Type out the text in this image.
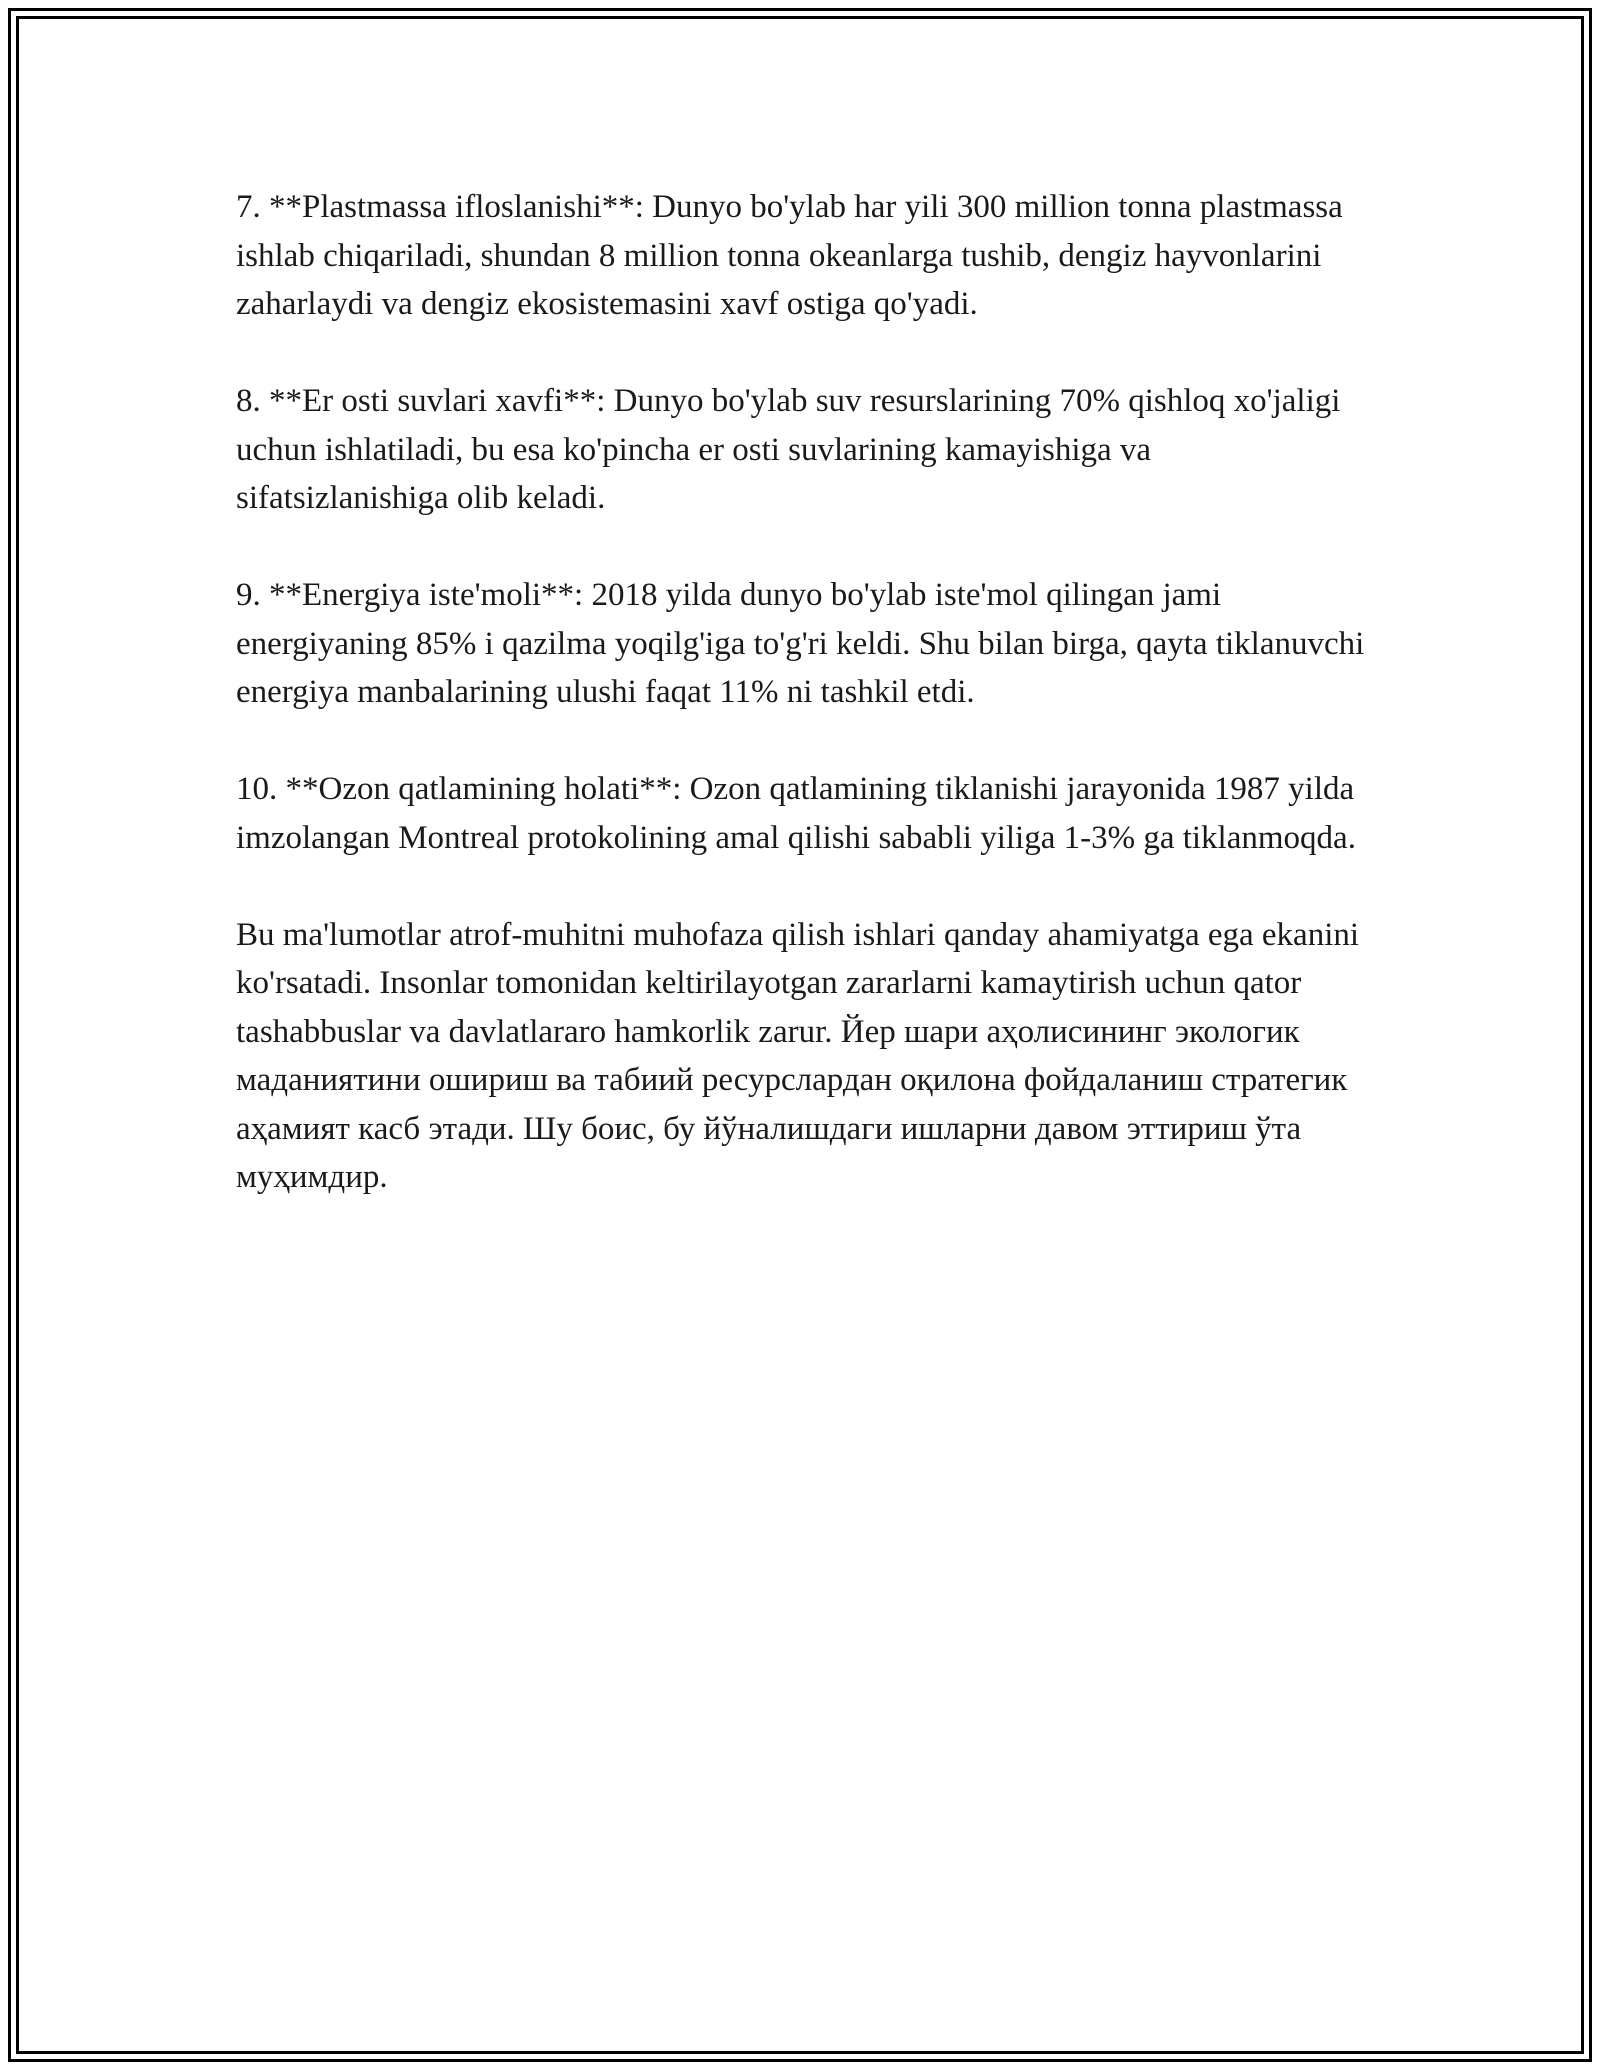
7. **Plastmassa ifloslanishi**: Dunyo bo'ylab har yili 300 million tonna plastmassa ishlab chiqariladi, shundan 8 million tonna okeanlarga tushib, dengiz hayvonlarini zaharlaydi va dengiz ekosistemasini xavf ostiga qo'yadi.

8. **Er osti suvlari xavfi**: Dunyo bo'ylab suv resurslarining 70% qishloq xo'jaligi uchun ishlatiladi, bu esa ko'pincha er osti suvlarining kamayishiga va sifatsizlanishiga olib keladi.

9. **Energiya iste'moli**: 2018 yilda dunyo bo'ylab iste'mol qilingan jami energiyaning 85% i qazilma yoqilg'iga to'g'ri keldi. Shu bilan birga, qayta tiklanuvchi energiya manbalarining ulushi faqat 11% ni tashkil etdi.

10. **Ozon qatlamining holati**: Ozon qatlamining tiklanishi jarayonida 1987 yilda imzolangan Montreal protokolining amal qilishi sababli yiliga 1-3% ga tiklanmoqda.

Bu ma'lumotlar atrof-muhitni muhofaza qilish ishlari qanday ahamiyatga ega ekanini ko'rsatadi. Insonlar tomonidan keltirilayotgan zararlarni kamaytirish uchun qator tashabbuslar va davlatlararo hamkorlik zarur. Йер шари аҳолисининг экологик маданиятини ошириш ва табиий ресурслардан оқилона фойдаланиш стратегик аҳамият касб этади. Шу боис, бу йўналишдаги ишларни давом эттириш ўта муҳимдир.
